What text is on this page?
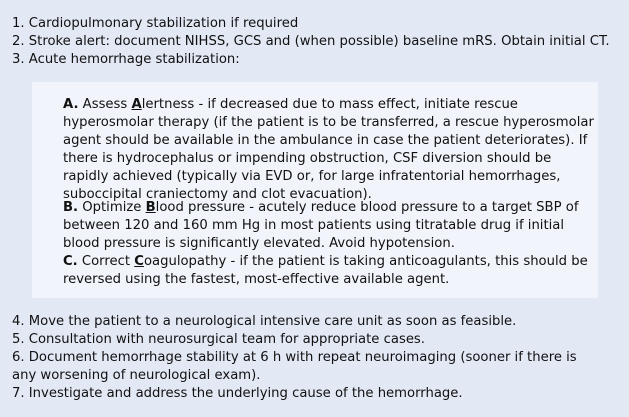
1. Cardiopulmonary stabilization if required
2. Stroke alert: document NIHSS, GCS and (when possible) baseline mRS. Obtain initial CT.
3. Acute hemorrhage stabilization:
A. Assess Alertness - if decreased due to mass effect, initiate rescue
hyperosmolar therapy (if the patient is to be transferred, a rescue hyperosmolar
agent should be available in the ambulance in case the patient deteriorates). If
there is hydrocephalus or impending obstruction, CSF diversion should be
rapidly achieved (typically via EVD or, for large infratentorial hemorrhages,
suboccipital craniectomy and clot evacuation).
B. Optimize Blood pressure - acutely reduce blood pressure to a target SBP of
between 120 and 160 mm Hg in most patients using titratable drug if initial
blood pressure is significantly elevated. Avoid hypotension.
C. Correct Coagulopathy - if the patient is taking anticoagulants, this should be
reversed using the fastest, most-effective available agent.
4. Move the patient to a neurological intensive care unit as soon as feasible.
5. Consultation with neurosurgical team for appropriate cases.
6. Document hemorrhage stability at 6 h with repeat neuroimaging (sooner if there is
any worsening of neurological exam).
7. Investigate and address the underlying cause of the hemorrhage.
